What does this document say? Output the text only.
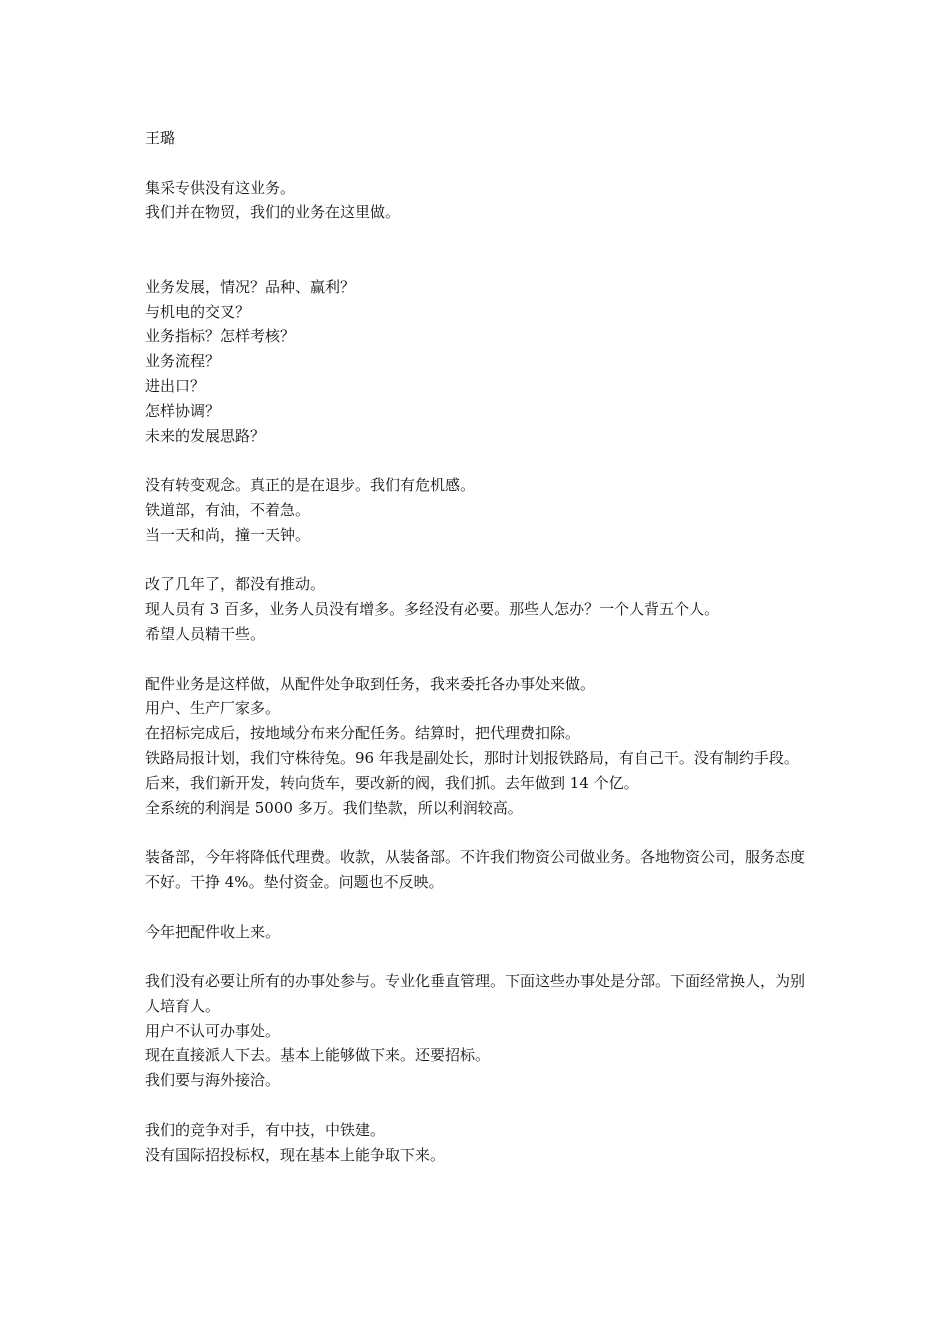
王璐
集采专供没有这业务。
我们并在物贸，我们的业务在这里做。
业务发展，情况？品种、赢利？
与机电的交叉？
业务指标？怎样考核？
业务流程？
进出口？
怎样协调？
未来的发展思路？
没有转变观念。真正的是在退步。我们有危机感。
铁道部，有油，不着急。
当一天和尚，撞一天钟。
改了几年了，都没有推动。
现人员有 3 百多，业务人员没有增多。多经没有必要。那些人怎办？一个人背五个人。
希望人员精干些。
配件业务是这样做，从配件处争取到任务，我来委托各办事处来做。
用户、生产厂家多。
在招标完成后，按地域分布来分配任务。结算时，把代理费扣除。
铁路局报计划，我们守株待兔。96 年我是副处长，那时计划报铁路局，有自己干。没有制约手段。
后来，我们新开发，转向货车，要改新的阀，我们抓。去年做到 14 个亿。
全系统的利润是 5000 多万。我们垫款，所以利润较高。
装备部，今年将降低代理费。收款，从装备部。不许我们物资公司做业务。各地物资公司，服务态度不好。干挣 4%。垫付资金。问题也不反映。
今年把配件收上来。
我们没有必要让所有的办事处参与。专业化垂直管理。下面这些办事处是分部。下面经常换人，为别人培育人。
用户不认可办事处。
现在直接派人下去。基本上能够做下来。还要招标。
我们要与海外接洽。
我们的竞争对手，有中技，中铁建。
没有国际招投标权，现在基本上能争取下来。
